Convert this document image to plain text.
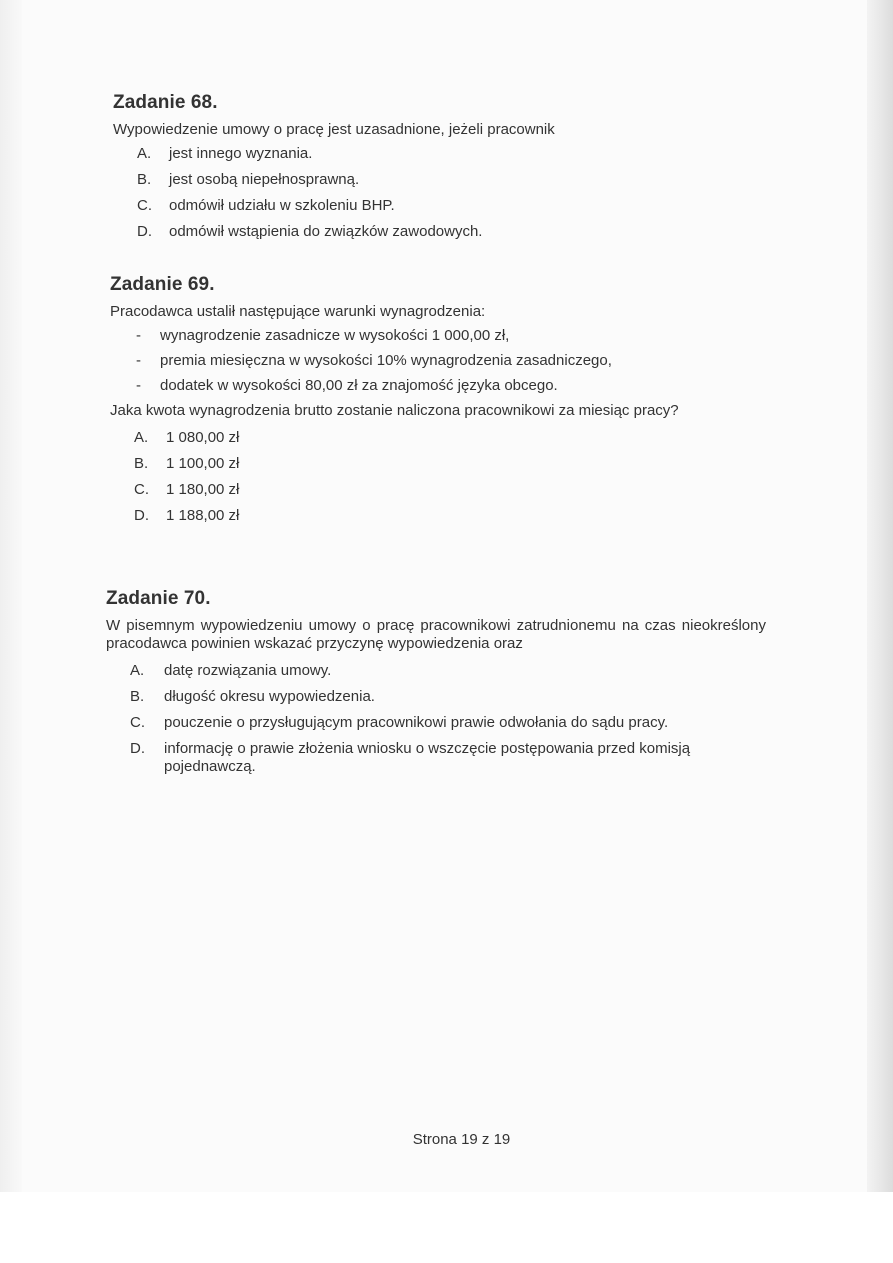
Zadanie 68.

Wypowiedzenie umowy o pracę jest uzasadnione, jeżeli pracownik

A. jest innego wyznania.
B. jest osobą niepełnosprawną.
C. odmówił udziału w szkoleniu BHP.
D. odmówił wstąpienia do związków zawodowych.
Zadanie 69.

Pracodawca ustalił następujące warunki wynagrodzenia:

- wynagrodzenie zasadnicze w wysokości 1 000,00 zł,
- premia miesięczna w wysokości 10% wynagrodzenia zasadniczego,
- dodatek w wysokości 80,00 zł za znajomość języka obcego.

Jaka kwota wynagrodzenia brutto zostanie naliczona pracownikowi za miesiąc pracy?

A. 1 080,00 zł
B. 1 100,00 zł
C. 1 180,00 zł
D. 1 188,00 zł
Zadanie 70.

W pisemnym wypowiedzeniu umowy o pracę pracownikowi zatrudnionemu na czas nieokreślony pracodawca powinien wskazać przyczynę wypowiedzenia oraz

A. datę rozwiązania umowy.
B. długość okresu wypowiedzenia.
C. pouczenie o przysługującym pracownikowi prawie odwołania do sądu pracy.
D. informację o prawie złożenia wniosku o wszczęcie postępowania przed komisją pojednawczą.
Strona 19 z 19
